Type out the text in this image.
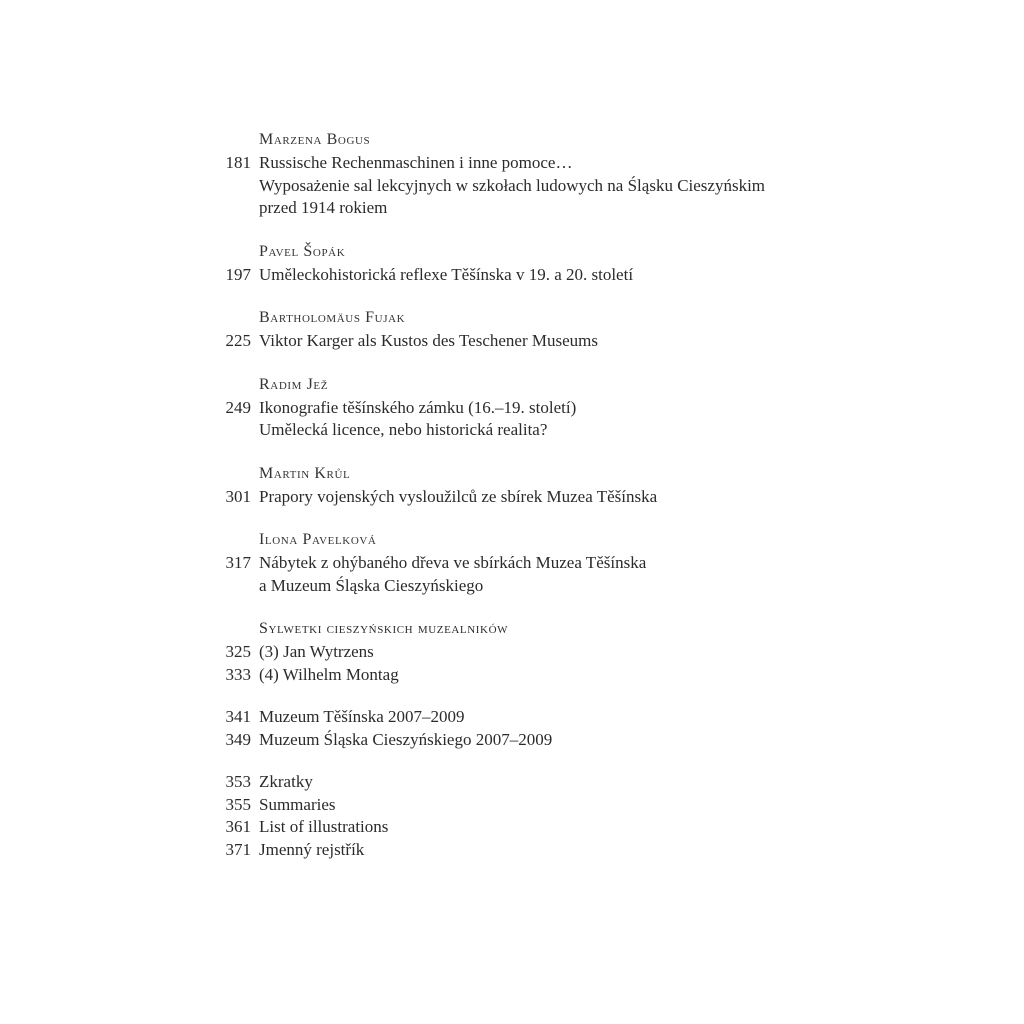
Marzena Bogus
181 Russische Rechenmaschinen i inne pomoce…
Wyposażenie sal lekcyjnych w szkołach ludowych na Śląsku Cieszyńskim
przed 1914 rokiem
Pavel Šopák
197 Uměleckohistorická reflexe Těšínska v 19. a 20. století
Bartholomäus Fujak
225 Viktor Karger als Kustos des Teschener Museums
Radim Jež
249 Ikonografie těšínského zámku (16.–19. století)
Umělecká licence, nebo historická realita?
Martin Krůl
301 Prapory vojenských vysloužilců ze sbírek Muzea Těšínska
Ilona Pavelková
317 Nábytek z ohýbaného dřeva ve sbírkách Muzea Těšínska
a Muzeum Śląska Cieszyńskiego
Sylwetki cieszyńskich muzealników
325 (3) Jan Wytrzens
333 (4) Wilhelm Montag
341 Muzeum Těšínska 2007–2009
349 Muzeum Śląska Cieszyńskiego 2007–2009
353 Zkratky
355 Summaries
361 List of illustrations
371 Jmenný rejstřík
